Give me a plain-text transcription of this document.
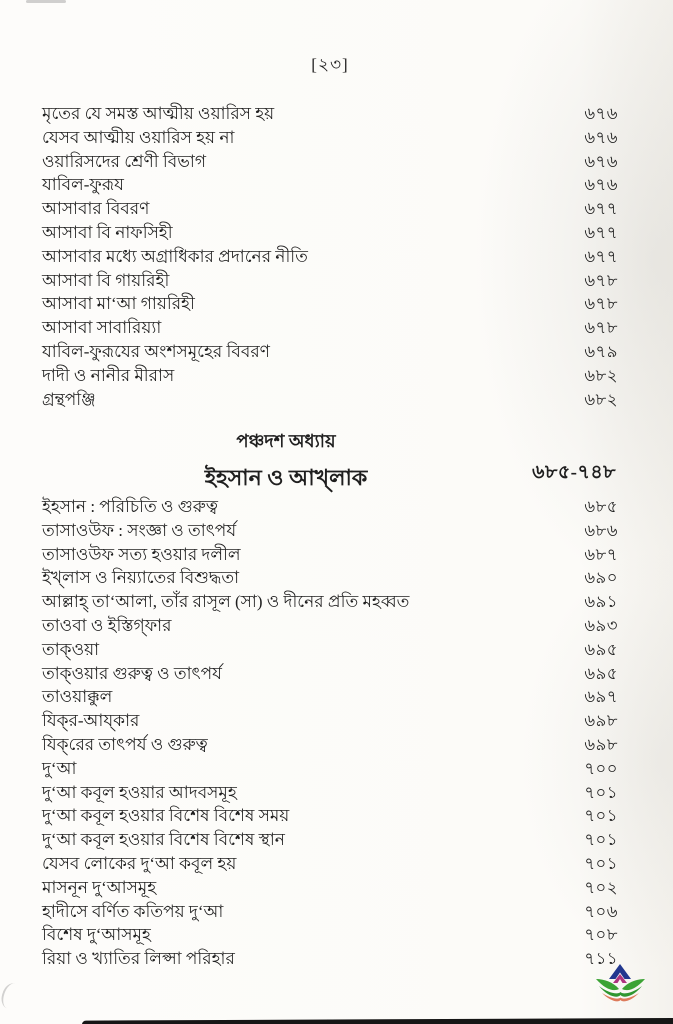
[২৩]
মৃতের যে সমস্ত আত্মীয় ওয়ারিস হয়	৬৭৬
যেসব আত্মীয় ওয়ারিস হয় না	৬৭৬
ওয়ারিসদের শ্রেণী বিভাগ	৬৭৬
যাবিল-ফুরূয	৬৭৬
আসাবার বিবরণ	৬৭৭
আসাবা বি নাফসিহী	৬৭৭
আসাবার মধ্যে অগ্রাধিকার প্রদানের নীতি	৬৭৭
আসাবা বি গায়রিহী	৬৭৮
আসাবা মা‘আ গায়রিহী	৬৭৮
আসাবা সাবারিয়্যা	৬৭৮
যাবিল-ফুরূযের অংশসমূহের বিবরণ	৬৭৯
দাদী ও নানীর মীরাস	৬৮২
গ্রন্থপঞ্জি	৬৮২
পঞ্চদশ অধ্যায়
ইহসান ও আখ্লাক	৬৮৫-৭৪৮
ইহসান : পরিচিতি ও গুরুত্ব	৬৮৫
তাসাওউফ : সংজ্ঞা ও তাৎপর্য	৬৮৬
তাসাওউফ সত্য হওয়ার দলীল	৬৮৭
ইখ্লাস ও নিয়্যাতের বিশুদ্ধতা	৬৯০
আল্লাহ্ তা‘আলা, তাঁর রাসূল (সা) ও দীনের প্রতি মহব্বত	৬৯১
তাওবা ও ইস্তিগ্‌ফার	৬৯৩
তাক্ওয়া	৬৯৫
তাক্ওয়ার গুরুত্ব ও তাৎপর্য	৬৯৫
তাওয়াক্কুল	৬৯৭
যিক্‌র-আয্‌কার	৬৯৮
যিক্‌রের তাৎপর্য ও গুরুত্ব	৬৯৮
দু‘আ	৭০০
দু‘আ কবূল হওয়ার আদবসমূহ	৭০১
দু‘আ কবূল হওয়ার বিশেষ বিশেষ সময়	৭০১
দু‘আ কবূল হওয়ার বিশেষ বিশেষ স্থান	৭০১
যেসব লোকের দু‘আ কবূল হয়	৭০১
মাসনূন দু‘আসমূহ	৭০২
হাদীসে বর্ণিত কতিপয় দু‘আ	৭০৬
বিশেষ দু‘আসমূহ	৭০৮
রিয়া ও খ্যাতির লিপ্সা পরিহার	৭১১
